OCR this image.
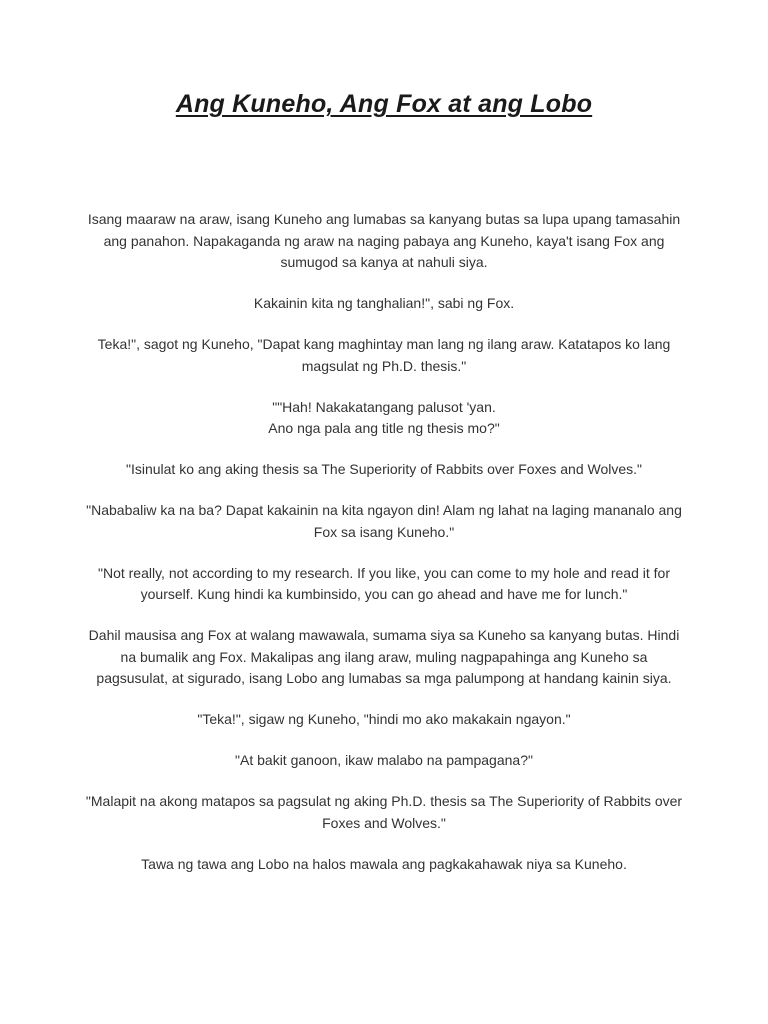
Ang Kuneho, Ang Fox at ang Lobo

Isang maaraw na araw, isang Kuneho ang lumabas sa kanyang butas sa lupa upang tamasahin ang panahon. Napakaganda ng araw na naging pabaya ang Kuneho, kaya't isang Fox ang sumugod sa kanya at nahuli siya.

Kakainin kita ng tanghalian!", sabi ng Fox.

Teka!", sagot ng Kuneho, "Dapat kang maghintay man lang ng ilang araw. Katatapos ko lang magsulat ng Ph.D. thesis."

""Hah! Nakakatangang palusot 'yan.
Ano nga pala ang title ng thesis mo?"

"Isinulat ko ang aking thesis sa The Superiority of Rabbits over Foxes and Wolves."

"Nababaliw ka na ba? Dapat kakainin na kita ngayon din! Alam ng lahat na laging mananalo ang Fox sa isang Kuneho."

"Not really, not according to my research. If you like, you can come to my hole and read it for yourself. Kung hindi ka kumbinsido, you can go ahead and have me for lunch."

Dahil mausisa ang Fox at walang mawawala, sumama siya sa Kuneho sa kanyang butas. Hindi na bumalik ang Fox. Makalipas ang ilang araw, muling nagpapahinga ang Kuneho sa pagsusulat, at sigurado, isang Lobo ang lumabas sa mga palumpong at handang kainin siya.

"Teka!", sigaw ng Kuneho, "hindi mo ako makakain ngayon."

"At bakit ganoon, ikaw malabo na pampagana?"

"Malapit na akong matapos sa pagsulat ng aking Ph.D. thesis sa The Superiority of Rabbits over Foxes and Wolves."

Tawa ng tawa ang Lobo na halos mawala ang pagkakahawak niya sa Kuneho.
